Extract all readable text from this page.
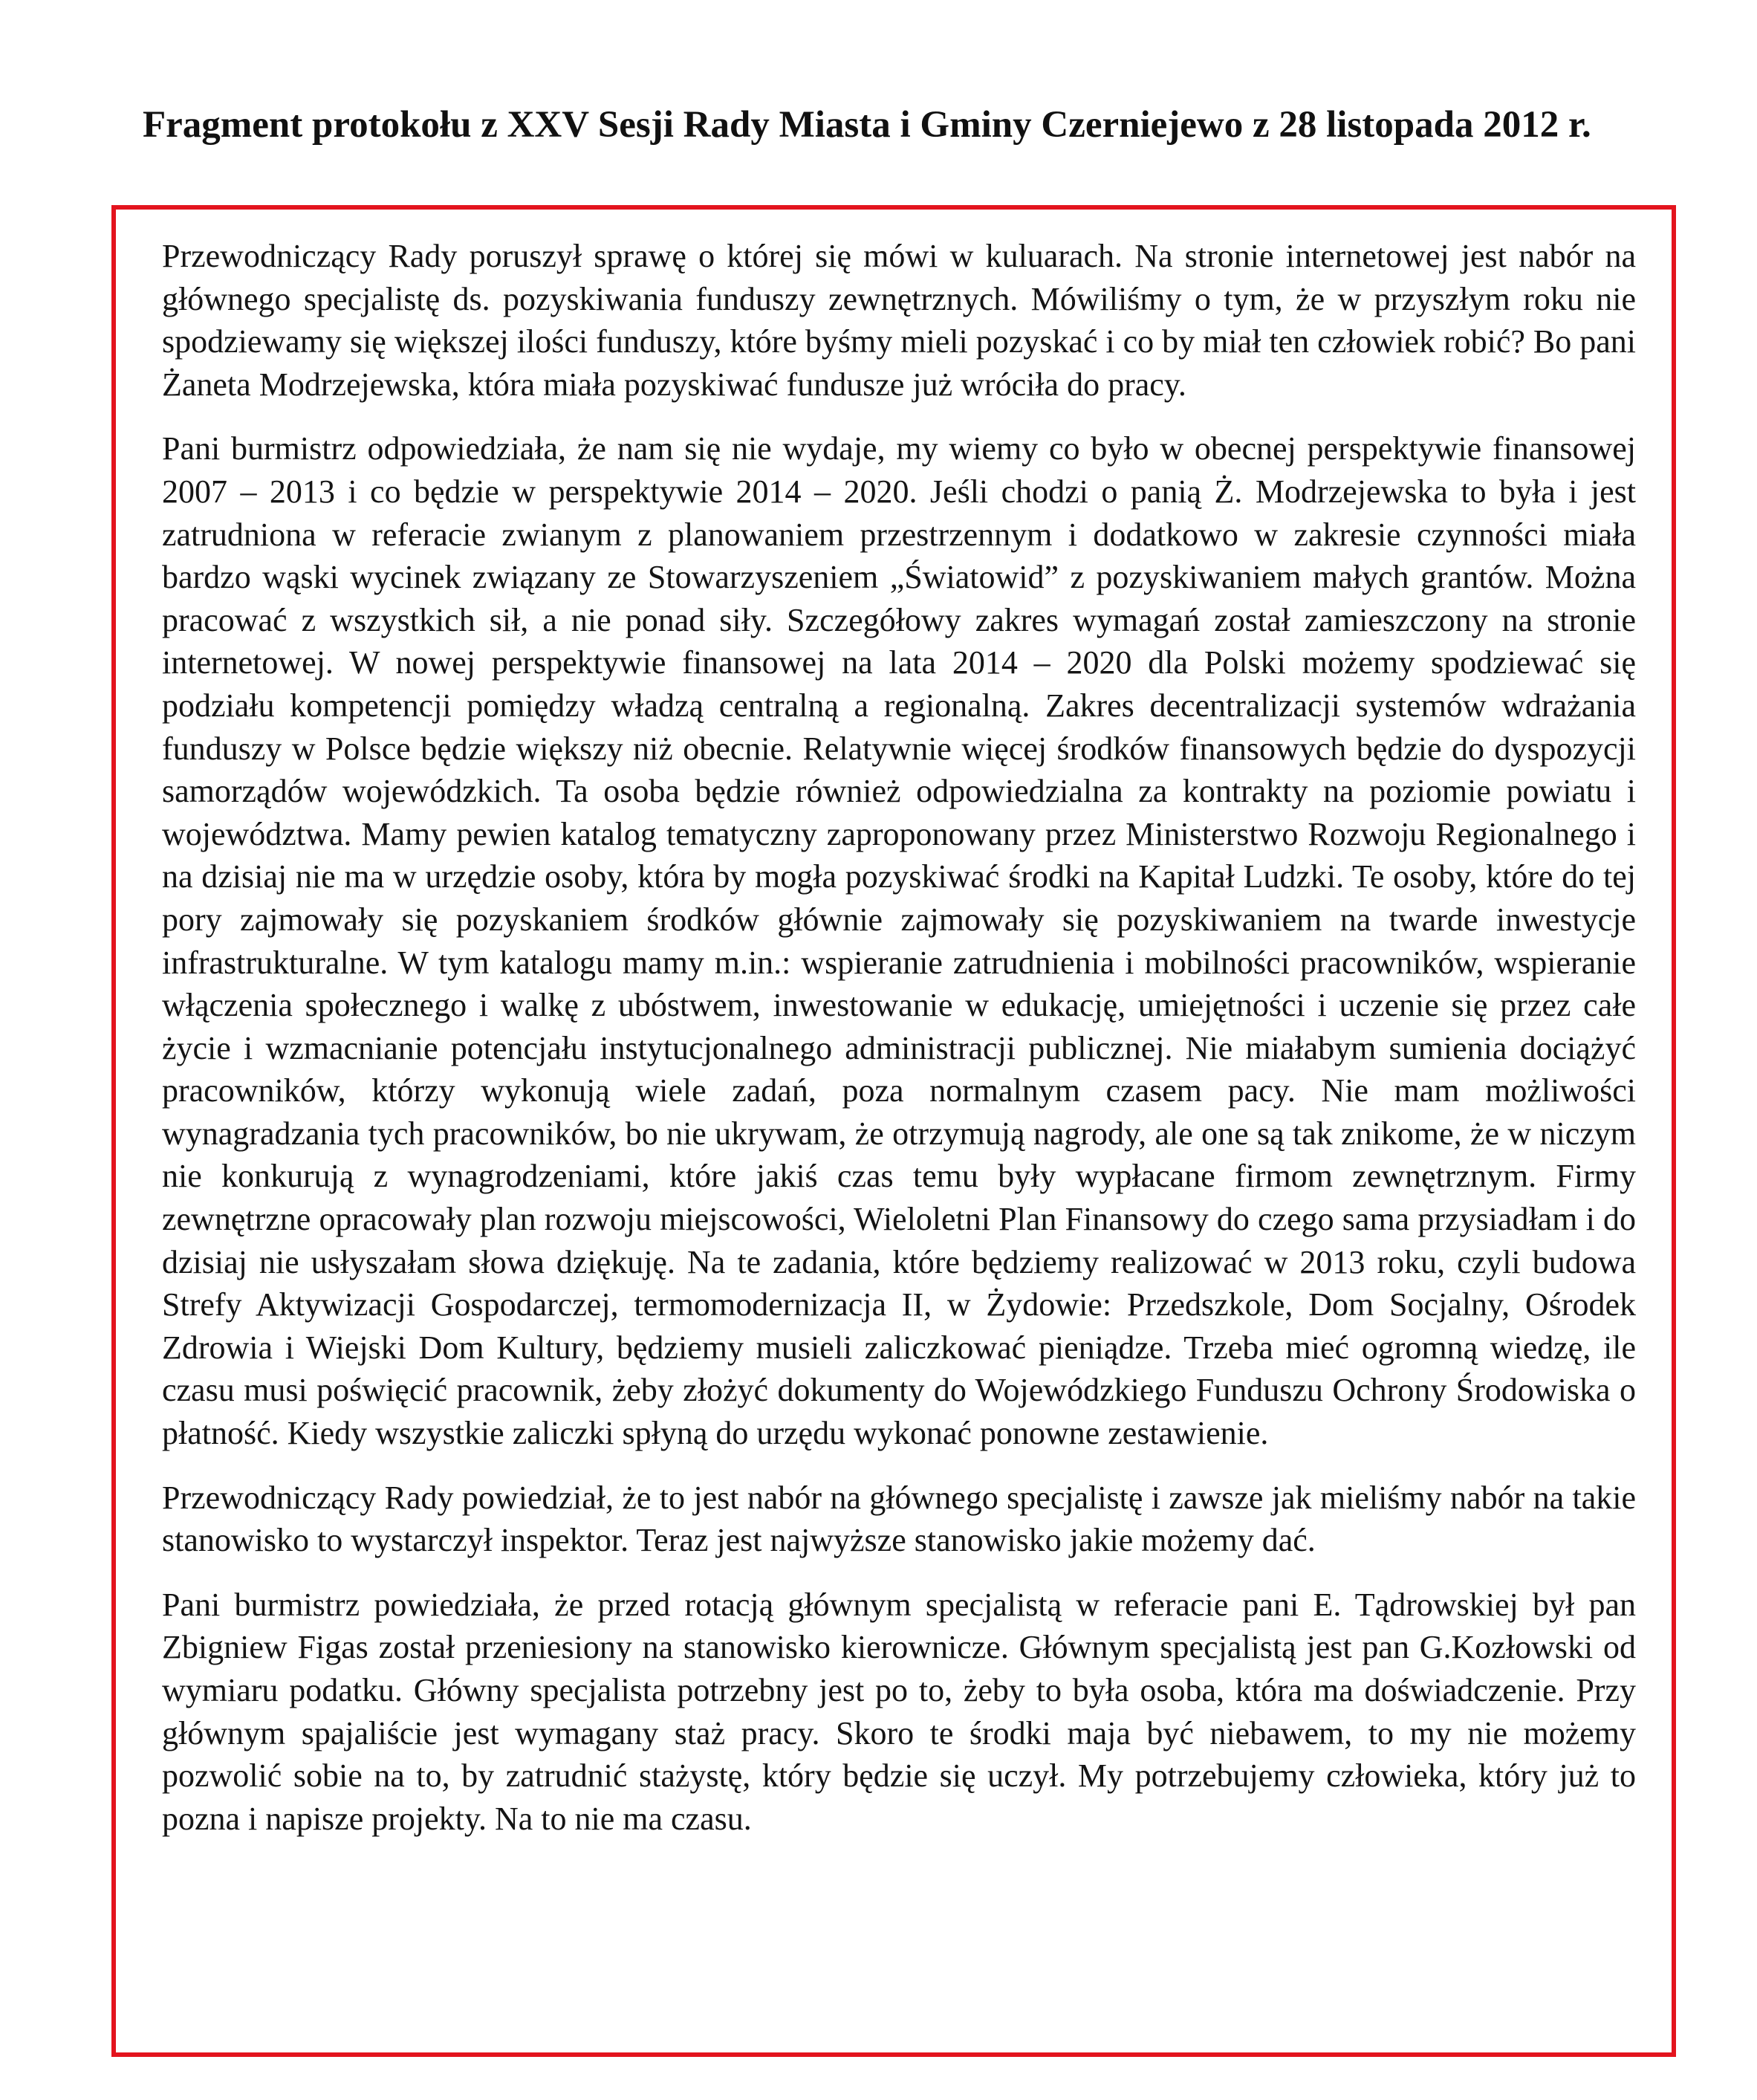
Fragment protokołu z XXV Sesji Rady Miasta i Gminy Czerniejewo z 28 listopada 2012 r.

Przewodniczący Rady poruszył sprawę o której się mówi w kuluarach. Na stronie internetowej jest nabór na głównego specjalistę ds. pozyskiwania funduszy zewnętrznych. Mówiliśmy o tym, że w przyszłym roku nie spodziewamy się większej ilości funduszy, które byśmy mieli pozyskać i co by miał ten człowiek robić? Bo pani Żaneta Modrzejewska, która miała pozyskiwać fundusze już wróciła do pracy.

Pani burmistrz odpowiedziała, że nam się nie wydaje, my wiemy co było w obecnej perspektywie finansowej 2007 – 2013 i co będzie w perspektywie 2014 – 2020. Jeśli chodzi o panią Ż. Modrzejewska to była i jest zatrudniona w referacie zwianym z planowaniem przestrzennym i dodatkowo w zakresie czynności miała bardzo wąski wycinek związany ze Stowarzyszeniem „Światowid” z pozyskiwaniem małych grantów. Można pracować z wszystkich sił, a nie ponad siły. Szczegółowy zakres wymagań został zamieszczony na stronie internetowej. W nowej perspektywie finansowej na lata 2014 – 2020 dla Polski możemy spodziewać się podziału kompetencji pomiędzy władzą centralną a regionalną. Zakres decentralizacji systemów wdrażania funduszy w Polsce będzie większy niż obecnie. Relatywnie więcej środków finansowych będzie do dyspozycji samorządów wojewódzkich. Ta osoba będzie również odpowiedzialna za kontrakty na poziomie powiatu i województwa. Mamy pewien katalog tematyczny zaproponowany przez Ministerstwo Rozwoju Regionalnego i na dzisiaj nie ma w urzędzie osoby, która by mogła pozyskiwać środki na Kapitał Ludzki. Te osoby, które do tej pory zajmowały się pozyskaniem środków głównie zajmowały się pozyskiwaniem na twarde inwestycje infrastrukturalne. W tym katalogu mamy m.in.: wspieranie zatrudnienia i mobilności pracowników, wspieranie włączenia społecznego i walkę z ubóstwem, inwestowanie w edukację, umiejętności i uczenie się przez całe życie i wzmacnianie potencjału instytucjonalnego administracji publicznej. Nie miałabym sumienia dociążyć pracowników, którzy wykonują wiele zadań, poza normalnym czasem pacy. Nie mam możliwości wynagradzania tych pracowników, bo nie ukrywam, że otrzymują nagrody, ale one są tak znikome, że w niczym nie konkurują z wynagrodzeniami, które jakiś czas temu były wypłacane firmom zewnętrznym. Firmy zewnętrzne opracowały plan rozwoju miejscowości, Wieloletni Plan Finansowy do czego sama przysiadłam i do dzisiaj nie usłyszałam słowa dziękuję. Na te zadania, które będziemy realizować w 2013 roku, czyli budowa Strefy Aktywizacji Gospodarczej, termomodernizacja II, w Żydowie: Przedszkole, Dom Socjalny, Ośrodek Zdrowia i Wiejski Dom Kultury, będziemy musieli zaliczkować pieniądze. Trzeba mieć ogromną wiedzę, ile czasu musi poświęcić pracownik, żeby złożyć dokumenty do Wojewódzkiego Funduszu Ochrony Środowiska o płatność. Kiedy wszystkie zaliczki spłyną do urzędu wykonać ponowne zestawienie.

Przewodniczący Rady powiedział, że to jest nabór na głównego specjalistę i zawsze jak mieliśmy nabór na takie stanowisko to wystarczył inspektor. Teraz jest najwyższe stanowisko jakie możemy dać.

Pani burmistrz powiedziała, że przed rotacją głównym specjalistą w referacie pani E. Tądrowskiej był pan Zbigniew Figas został przeniesiony na stanowisko kierownicze. Głównym specjalistą jest pan G.Kozłowski od wymiaru podatku. Główny specjalista potrzebny jest po to, żeby to była osoba, która ma doświadczenie. Przy głównym spajaliście jest wymagany staż pracy. Skoro te środki maja być niebawem, to my nie możemy pozwolić sobie na to, by zatrudnić stażystę, który będzie się uczył. My potrzebujemy człowieka, który już to pozna i napisze projekty. Na to nie ma czasu.
